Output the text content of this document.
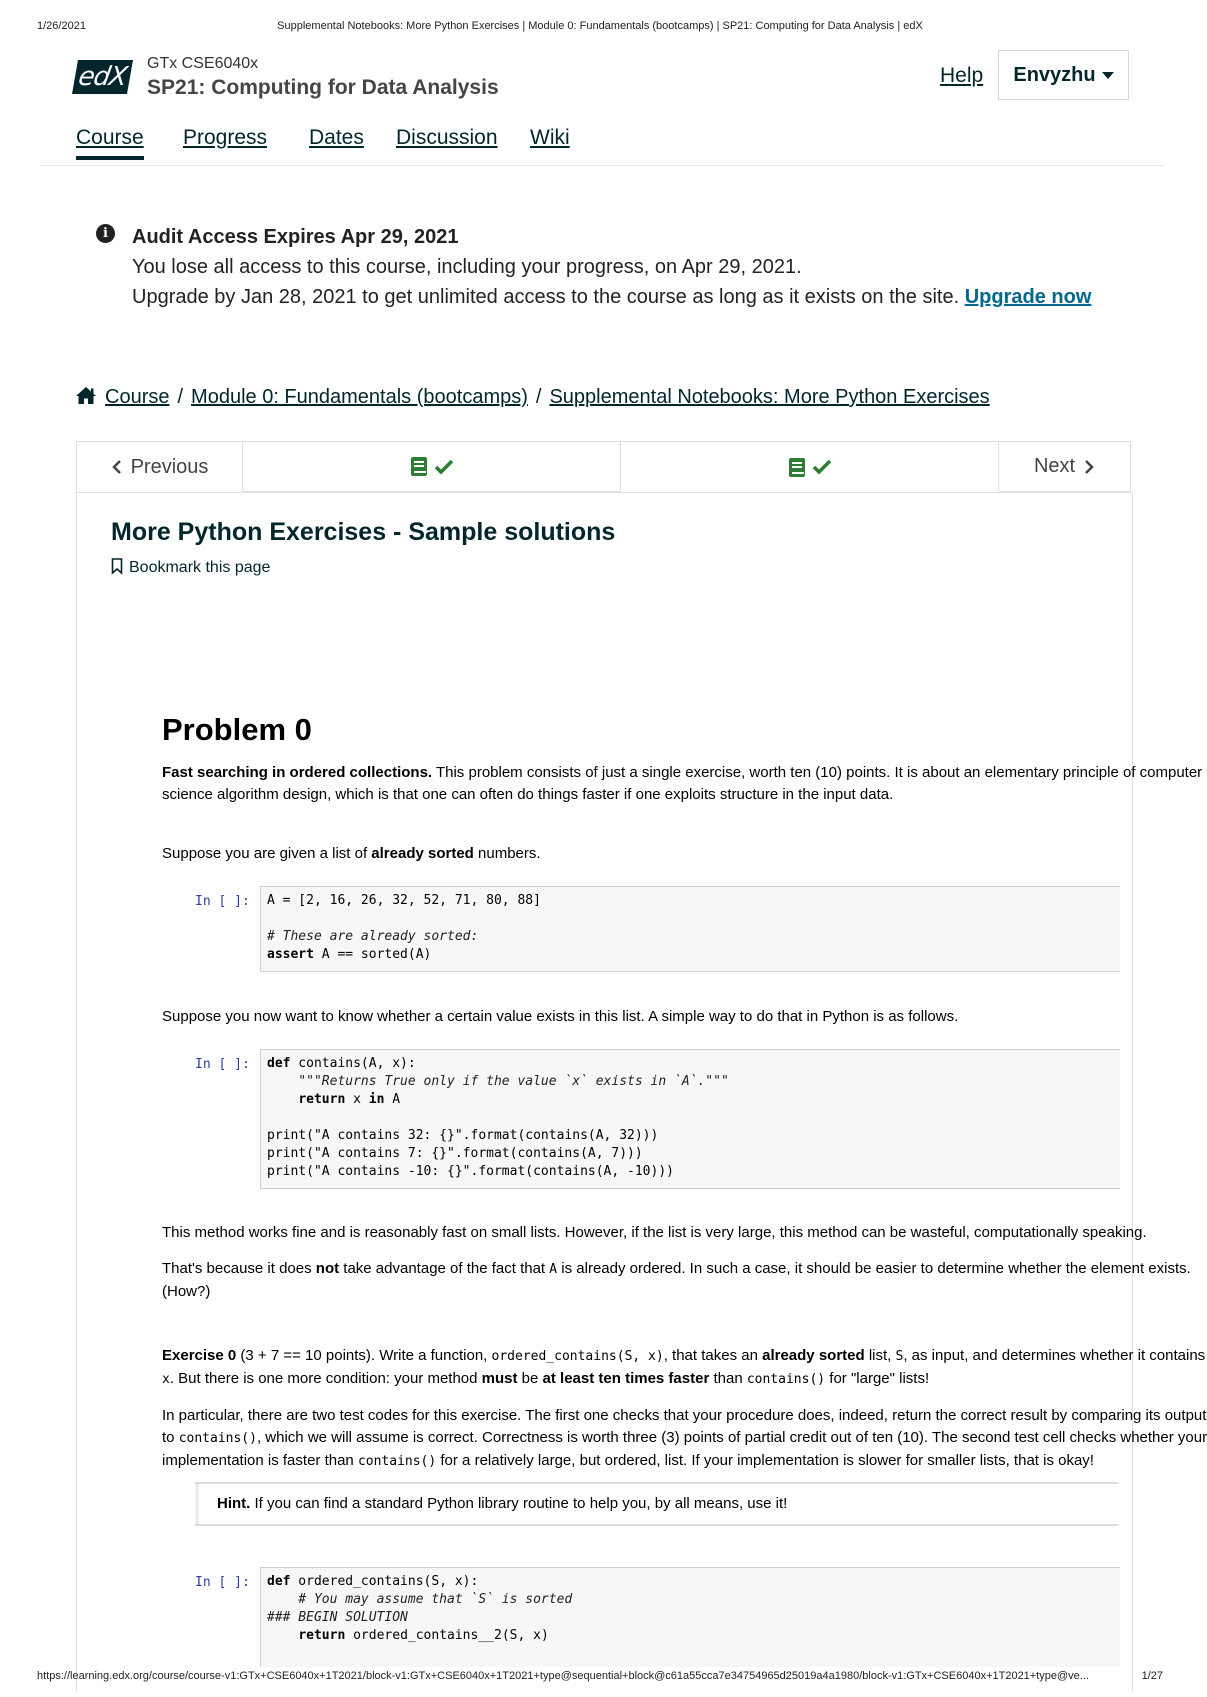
1/26/2021	Supplemental Notebooks: More Python Exercises | Module 0: Fundamentals (bootcamps) | SP21: Computing for Data Analysis | edX
edX GTx CSE6040x
SP21: Computing for Data Analysis
Help	Envyzhu
Course Progress Dates Discussion Wiki
i	Audit Access Expires Apr 29, 2021
You lose all access to this course, including your progress, on Apr 29, 2021.
Upgrade by Jan 28, 2021 to get unlimited access to the course as long as it exists on the site. Upgrade now
Course / Module 0: Fundamentals (bootcamps) / Supplemental Notebooks: More Python Exercises
Previous	Next
More Python Exercises - Sample solutions
Bookmark this page
Problem 0
Fast searching in ordered collections. This problem consists of just a single exercise, worth ten (10) points. It is about an elementary principle of computer
science algorithm design, which is that one can often do things faster if one exploits structure in the input data.
Suppose you are given a list of already sorted numbers.
In [ ]:	A = [2, 16, 26, 32, 52, 71, 80, 88]

# These are already sorted:
assert A == sorted(A)
Suppose you now want to know whether a certain value exists in this list. A simple way to do that in Python is as follows.
In [ ]:	def contains(A, x):
"""Returns True only if the value `x` exists in `A`."""
return x in A

print("A contains 32: {}".format(contains(A, 32)))
print("A contains 7: {}".format(contains(A, 7)))
print("A contains -10: {}".format(contains(A, -10)))
This method works fine and is reasonably fast on small lists. However, if the list is very large, this method can be wasteful, computationally speaking.
That's because it does not take advantage of the fact that A is already ordered. In such a case, it should be easier to determine whether the element exists.
(How?)
Exercise 0 (3 + 7 == 10 points). Write a function, ordered_contains(S, x), that takes an already sorted list, S, as input, and determines whether it contains
x. But there is one more condition: your method must be at least ten times faster than contains() for "large" lists!
In particular, there are two test codes for this exercise. The first one checks that your procedure does, indeed, return the correct result by comparing its output
to contains(), which we will assume is correct. Correctness is worth three (3) points of partial credit out of ten (10). The second test cell checks whether your
implementation is faster than contains() for a relatively large, but ordered, list. If your implementation is slower for smaller lists, that is okay!
Hint. If you can find a standard Python library routine to help you, by all means, use it!
In [ ]:	def ordered_contains(S, x):
# You may assume that `S` is sorted
### BEGIN SOLUTION
return ordered_contains__2(S, x)
https://learning.edx.org/course/course-v1:GTx+CSE6040x+1T2021/block-v1:GTx+CSE6040x+1T2021+type@sequential+block@c61a55cca7e34754965d25019a4a1980/block-v1:GTx+CSE6040x+1T2021+type@ve...	1/27
